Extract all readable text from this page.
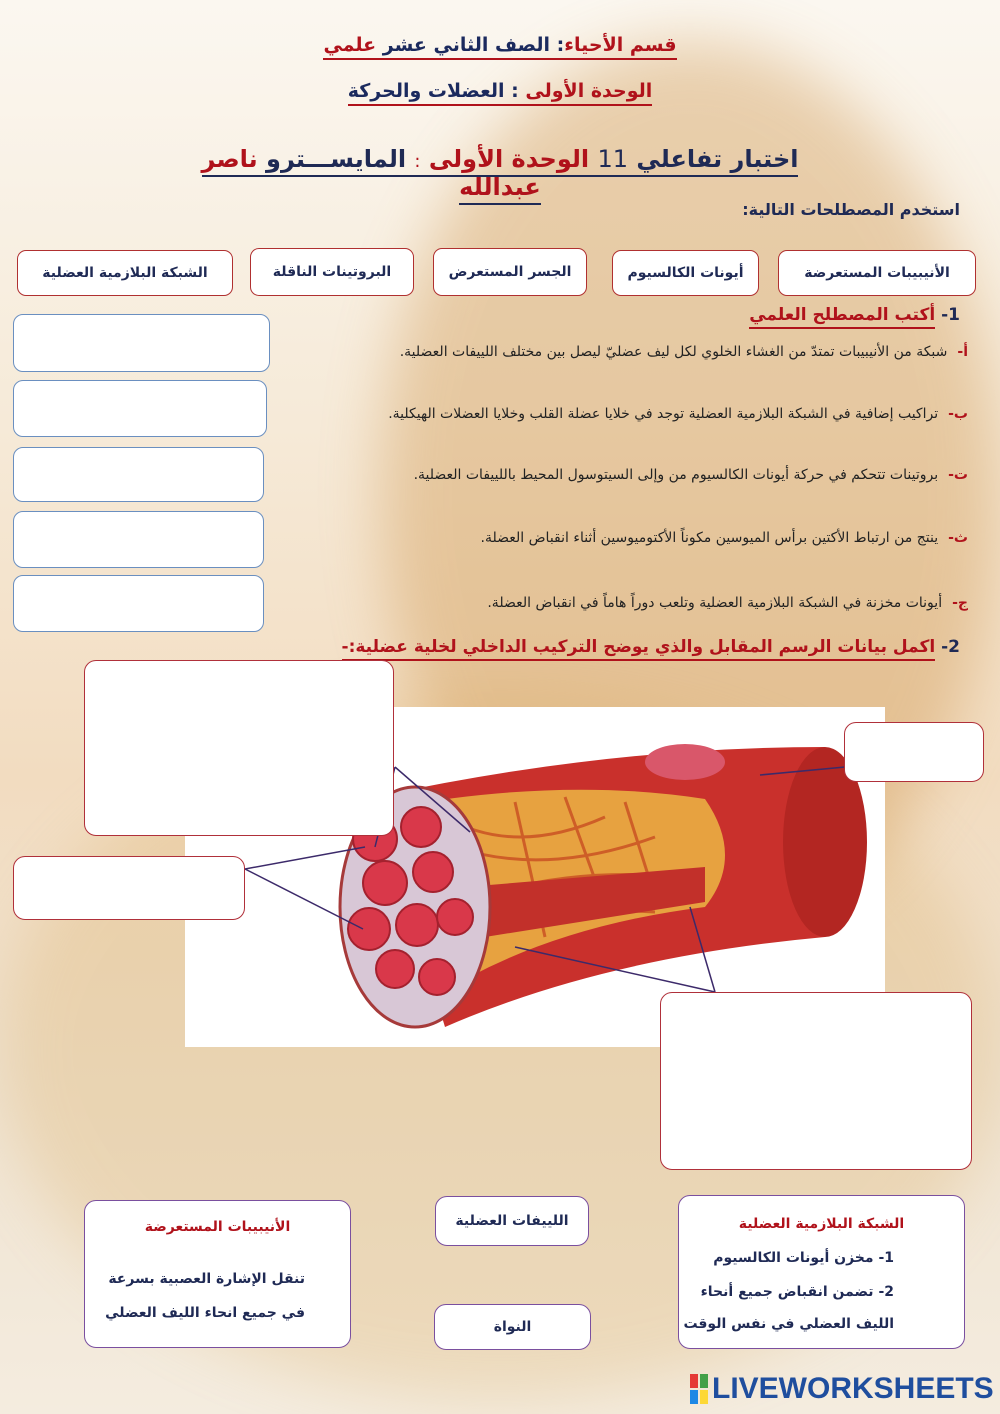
قسم الأحياء: الصف الثاني عشر علمي
الوحدة الأولى : العضلات والحركة
اختبار تفاعلي 11 الوحدة الأولى : المايســـترو ناصر عبدالله
استخدم المصطلحات التالية:
الأنيبيبات المستعرضة
أيونات الكالسيوم
الجسر المستعرض
البروتينات الناقلة
الشبكة البلازمية العضلية
1- أكتب المصطلح العلمي
أ-شبكة من الأنيبيبات تمتدّ من الغشاء الخلوي لكل ليف عضليّ ليصل بين مختلف اللييفات العضلية.
ب-تراكيب إضافية في الشبكة البلازمية العضلية توجد في خلايا عضلة القلب وخلايا العضلات الهيكلية.
ت-بروتينات تتحكم في حركة أيونات الكالسيوم من وإلى السيتوسول المحيط باللييفات العضلية.
ث-ينتج من ارتباط الأكتين برأس الميوسين مكوناً الأكتوميوسين أثناء انقباض العضلة.
ج-أيونات مخزنة في الشبكة البلازمية العضلية وتلعب دوراً هاماً في انقباض العضلة.
2- اكمل بيانات الرسم المقابل والذي يوضح التركيب الداخلي لخلية عضلية:-
الأنيبيبات المستعرضة
تنقل الإشارة العصبية بسرعة
في جميع انحاء الليف العضلي
اللييفات العضلية
النواة
الشبكة البلازمية العضلية
1- مخزن أيونات الكالسيوم
2- تضمن انقباض جميع أنحاء
الليف العضلي في نفس الوقت
LIVEWORKSHEETS
